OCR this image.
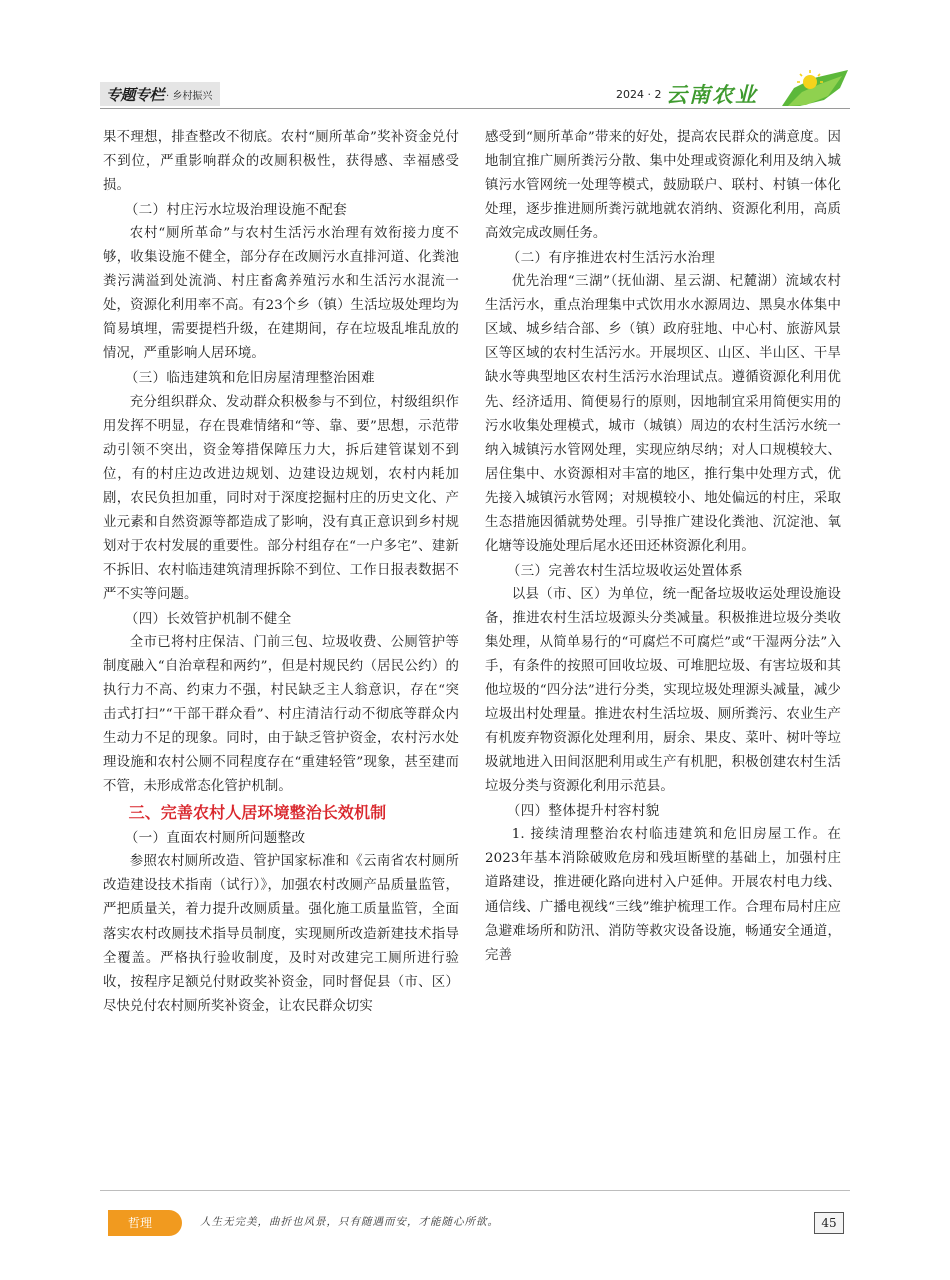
专题专栏 · 乡村振兴	2024 · 2 云南农业

果不理想，排查整改不彻底。农村“厕所革命”奖补资金兑付不到位，严重影响群众的改厕积极性，获得感、幸福感受损。

（二）村庄污水垃圾治理设施不配套

农村“厕所革命”与农村生活污水治理有效衔接力度不够，收集设施不健全，部分存在改厕污水直排河道、化粪池粪污满溢到处流淌、村庄畜禽养殖污水和生活污水混流一处，资源化利用率不高。有23个乡（镇）生活垃圾处理均为简易填埋，需要提档升级，在建期间，存在垃圾乱堆乱放的情况，严重影响人居环境。

（三）临违建筑和危旧房屋清理整治困难

充分组织群众、发动群众积极参与不到位，村级组织作用发挥不明显，存在畏难情绪和“等、靠、要”思想，示范带动引领不突出，资金筹措保障压力大，拆后建管谋划不到位，有的村庄边改进边规划、边建设边规划，农村内耗加剧，农民负担加重，同时对于深度挖掘村庄的历史文化、产业元素和自然资源等都造成了影响，没有真正意识到乡村规划对于农村发展的重要性。部分村组存在“一户多宅”、建新不拆旧、农村临违建筑清理拆除不到位、工作日报表数据不严不实等问题。

（四）长效管护机制不健全

全市已将村庄保洁、门前三包、垃圾收费、公厕管护等制度融入“自治章程和两约”，但是村规民约（居民公约）的执行力不高、约束力不强，村民缺乏主人翁意识，存在“突击式打扫”“干部干群众看”、村庄清洁行动不彻底等群众内生动力不足的现象。同时，由于缺乏管护资金，农村污水处理设施和农村公厕不同程度存在“重建轻管”现象，甚至建而不管，未形成常态化管护机制。

三、完善农村人居环境整治长效机制

（一）直面农村厕所问题整改

参照农村厕所改造、管护国家标准和《云南省农村厕所改造建设技术指南（试行）》，加强农村改厕产品质量监管，严把质量关，着力提升改厕质量。强化施工质量监管，全面落实农村改厕技术指导员制度，实现厕所改造新建技术指导全覆盖。严格执行验收制度，及时对改建完工厕所进行验收，按程序足额兑付财政奖补资金，同时督促县（市、区）尽快兑付农村厕所奖补资金，让农民群众切实

感受到“厕所革命”带来的好处，提高农民群众的满意度。因地制宜推广厕所粪污分散、集中处理或资源化利用及纳入城镇污水管网统一处理等模式，鼓励联户、联村、村镇一体化处理，逐步推进厕所粪污就地就农消纳、资源化利用，高质高效完成改厕任务。

（二）有序推进农村生活污水治理

优先治理“三湖”（抚仙湖、星云湖、杞麓湖）流域农村生活污水，重点治理集中式饮用水水源周边、黑臭水体集中区域、城乡结合部、乡（镇）政府驻地、中心村、旅游风景区等区域的农村生活污水。开展坝区、山区、半山区、干旱缺水等典型地区农村生活污水治理试点。遵循资源化利用优先、经济适用、简便易行的原则，因地制宜采用简便实用的污水收集处理模式，城市（城镇）周边的农村生活污水统一纳入城镇污水管网处理，实现应纳尽纳；对人口规模较大、居住集中、水资源相对丰富的地区，推行集中处理方式，优先接入城镇污水管网；对规模较小、地处偏远的村庄，采取生态措施因循就势处理。引导推广建设化粪池、沉淀池、氧化塘等设施处理后尾水还田还林资源化利用。

（三）完善农村生活垃圾收运处置体系

以县（市、区）为单位，统一配备垃圾收运处理设施设备，推进农村生活垃圾源头分类减量。积极推进垃圾分类收集处理，从简单易行的“可腐烂不可腐烂”或“干湿两分法”入手，有条件的按照可回收垃圾、可堆肥垃圾、有害垃圾和其他垃圾的“四分法”进行分类，实现垃圾处理源头减量，减少垃圾出村处理量。推进农村生活垃圾、厕所粪污、农业生产有机废弃物资源化处理利用，厨余、果皮、菜叶、树叶等垃圾就地进入田间沤肥利用或生产有机肥，积极创建农村生活垃圾分类与资源化利用示范县。

（四）整体提升村容村貌

1. 接续清理整治农村临违建筑和危旧房屋工作。在2023年基本消除破败危房和残垣断壁的基础上，加强村庄道路建设，推进硬化路向进村入户延伸。开展农村电力线、通信线、广播电视线“三线”维护梳理工作。合理布局村庄应急避难场所和防汛、消防等救灾设备设施，畅通安全通道，完善

哲理	人生无完美，曲折也风景，只有随遇而安，才能随心所欲。	45
